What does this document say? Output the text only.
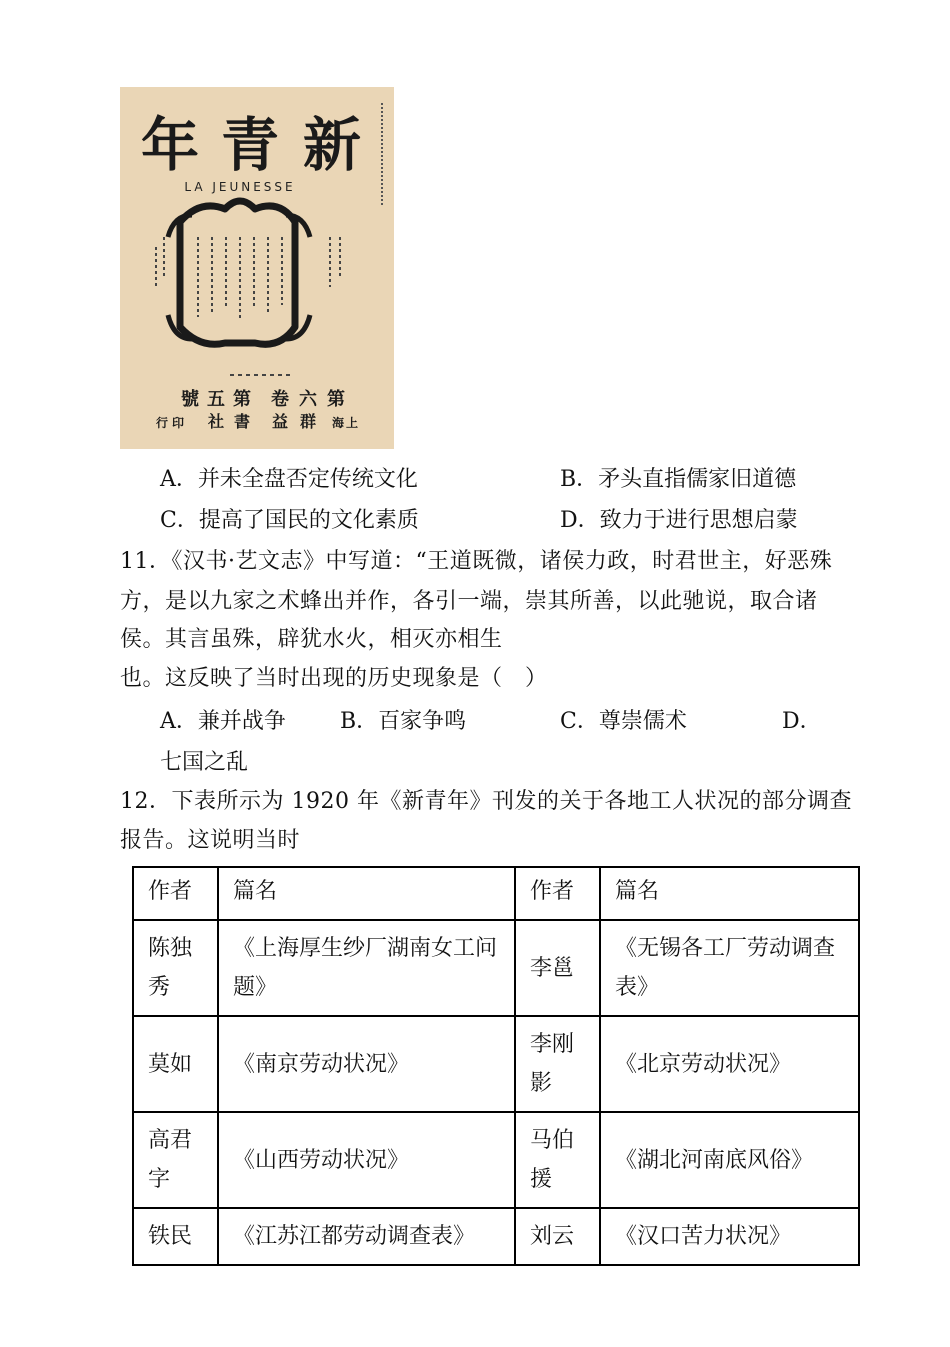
年 青 新
LA JEUNESSE
號 五 第 卷 六 第
行 印 社 書 益 群 海 上
A．并未全盘否定传统文化	B．矛头直指儒家旧道德
C．提高了国民的文化素质	D．致力于进行思想启蒙
11．《汉书·艺文志》中写道：“王道既微，诸侯力政，时君世主，好恶殊
方，是以九家之术蜂出并作，各引一端，崇其所善，以此驰说，取合诸
侯。其言虽殊，辟犹水火，相灭亦相生
也。这反映了当时出现的历史现象是（　）
A．兼并战争 B．百家争鸣	C．尊崇儒术	D．
七国之乱
12．下表所示为 1920 年《新青年》刊发的关于各地工人状况的部分调查
报告。这说明当时
作者	篇名	作者	篇名
陈独秀	《上海厚生纱厂湖南女工问题》	李邕	《无锡各工厂劳动调查表》
莫如	《南京劳动状况》	李刚影	《北京劳动状况》
高君字	《山西劳动状况》	马伯援	《湖北河南底风俗》
铁民	《江苏江都劳动调查表》	刘云	《汉口苦力状况》
